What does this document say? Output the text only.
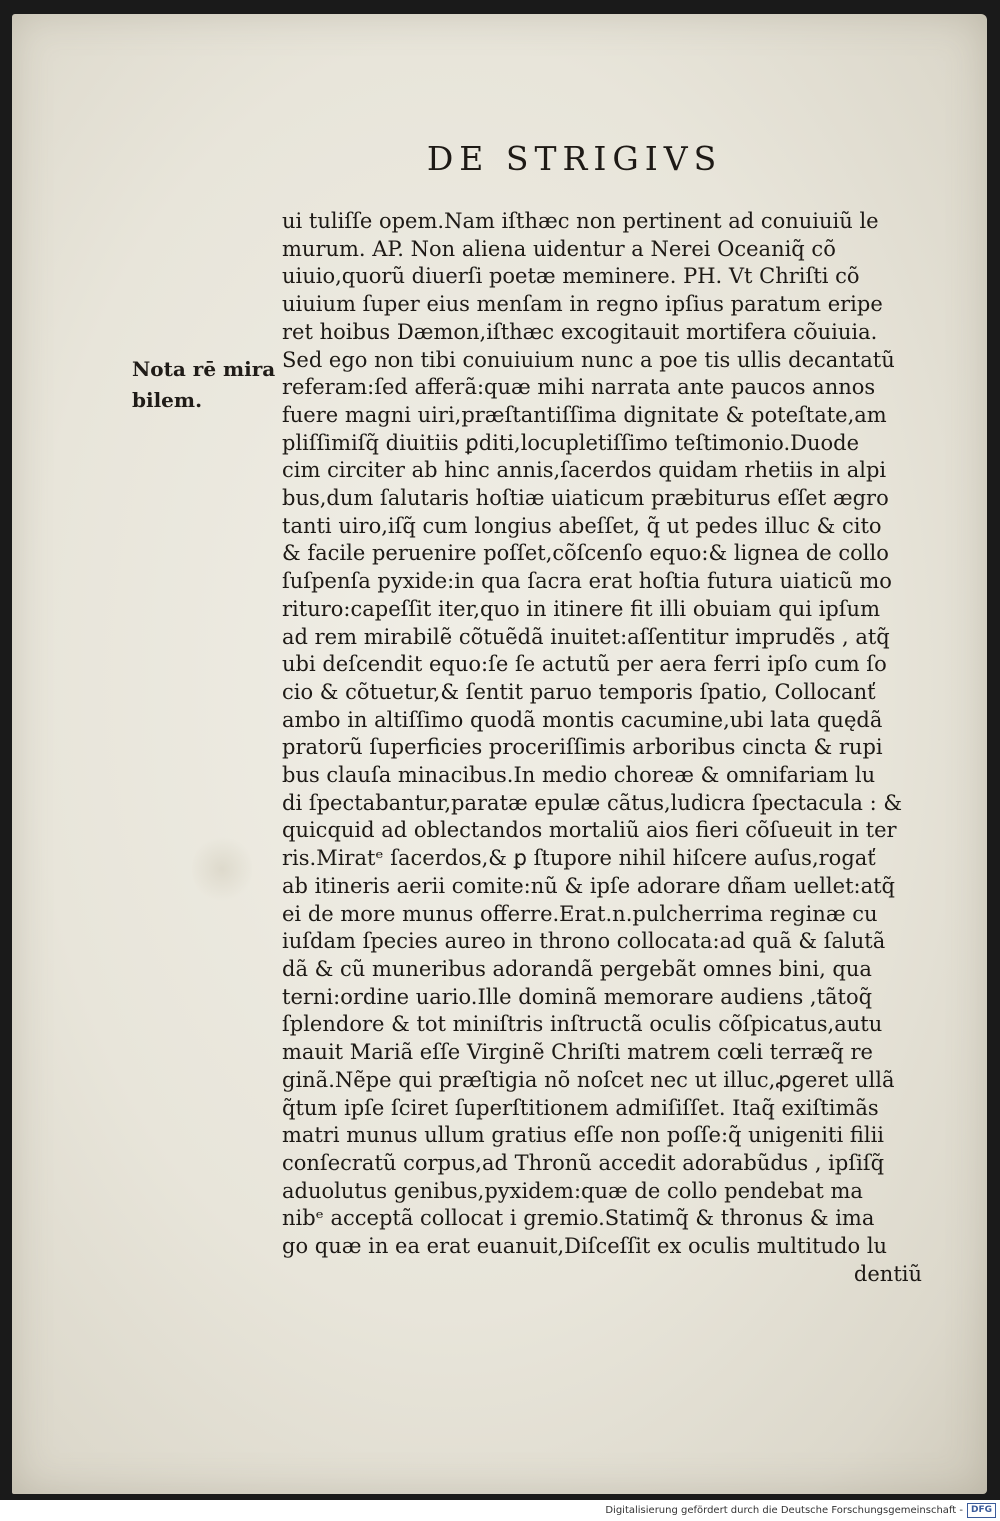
DE STRIGIVS
Nota rē mira
bilem.
ui tuliſſe opem.Nam iſthæc non pertinent ad conuiuiũ le
murum. AP. Non aliena uidentur a Nerei Oceaniq̃ cõ
uiuio,quorũ diuerſi poetæ meminere. PH. Vt Chriſti cõ
uiuium ſuper eius menſam in regno ipſius paratum eripe
ret hoibus Dæmon,iſthæc excogitauit mortifera cõuiuia.
Sed ego non tibi conuiuium nunc a poe tis ullis decantatũ
referam:ſed afferã:quæ mihi narrata ante paucos annos
fuere magni uiri,præſtantiſſima dignitate & poteſtate,am
pliſſimiſq̃ diuitiis ꝑditi,locupletiſſimo teſtimonio.Duode
cim circiter ab hinc annis,ſacerdos quidam rhetiis in alpi
bus,dum ſalutaris hoſtiæ uiaticum præbiturus eſſet ægro
tanti uiro,iſq̃ cum longius abeſſet, q̃ ut pedes illuc & cito
& facile peruenire poſſet,cõſcenſo equo:& lignea de collo
ſuſpenſa pyxide:in qua ſacra erat hoſtia futura uiaticũ mo
rituro:capeſſit iter,quo in itinere fit illi obuiam qui ipſum
ad rem mirabilẽ cõtuẽdã inuitet:aſſentitur imprudẽs , atq̃
ubi deſcendit equo:ſe ſe actutũ per aera ferri ipſo cum ſo
cio & cõtuetur,& ſentit paruo temporis ſpatio, Collocanť
ambo in altiſſimo quodã montis cacumine,ubi lata quędã
pratorũ ſuperficies proceriſſimis arboribus cincta & rupi
bus clauſa minacibus.In medio choreæ & omnifariam lu
di ſpectabantur,paratæ epulæ cãtus,ludicra ſpectacula : &
quicquid ad oblectandos mortaliũ aios fieri cõſueuit in ter
ris.Miratᵉ ſacerdos,& ꝑ ſtupore nihil hiſcere auſus,rogať
ab itineris aerii comite:nũ & ipſe adorare dñam uellet:atq̃
ei de more munus offerre.Erat.n.pulcherrima reginæ cu
iuſdam ſpecies aureo in throno collocata:ad quã & ſalutã
dã & cũ muneribus adorandã pergebãt omnes bini, qua
terni:ordine uario.Ille dominã memorare audiens ,tãtoq̃
ſplendore & tot miniſtris inſtructã oculis cõſpicatus,autu
mauit Mariã eſſe Virginẽ Chriſti matrem cœli terræq̃ re
ginã.Nẽpe qui præſtigia nõ noſcet nec ut illuc,ꝓgeret ullã
q̃tum ipſe ſciret ſuperſtitionem admiſiſſet. Itaq̃ exiſtimãs
matri munus ullum gratius eſſe non poſſe:q̃ unigeniti filii
conſecratũ corpus,ad Thronũ accedit adorabũdus , ipſiſq̃
aduolutus genibus,pyxidem:quæ de collo pendebat ma
nibᵉ acceptã collocat i gremio.Statimq̃ & thronus & ima
go quæ in ea erat euanuit,Diſceſſit ex oculis multitudo lu
dentiũ
Digitalisierung gefördert durch die Deutsche Forschungsgemeinschaft - DFG
